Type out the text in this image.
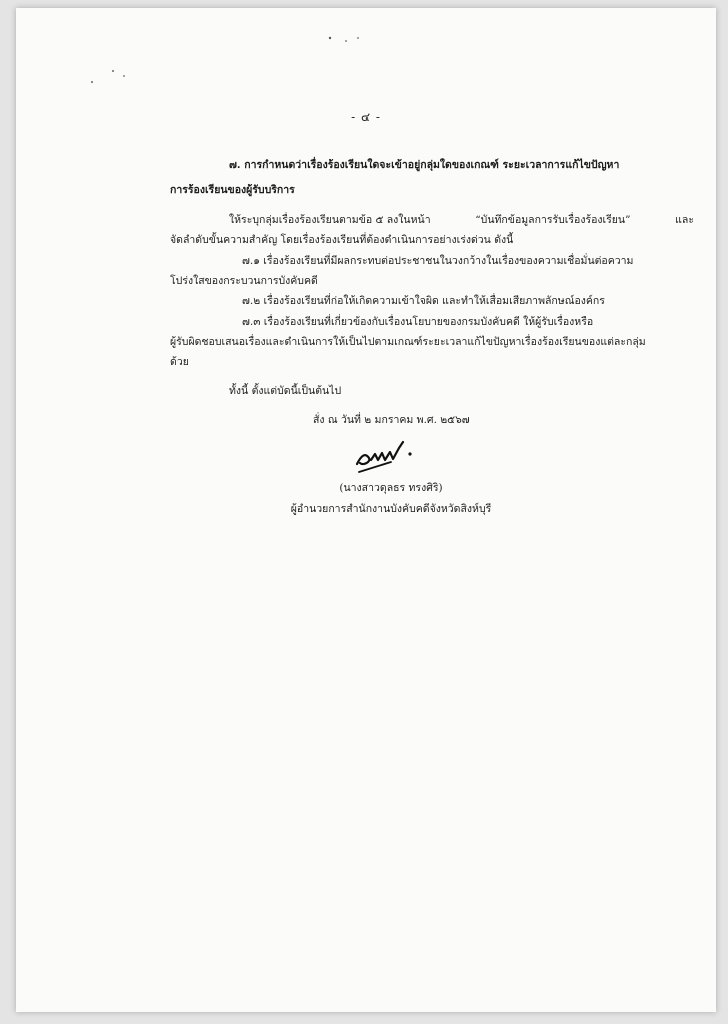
- ๔ -
๗. การกำหนดว่าเรื่องร้องเรียนใดจะเข้าอยู่กลุ่มใดของเกณฑ์ ระยะเวลาการแก้ไขปัญหา
การร้องเรียนของผู้รับบริการ
ให้ระบุกลุ่มเรื่องร้องเรียนตามข้อ ๕ ลงในหน้า	“บันทึกข้อมูลการรับเรื่องร้องเรียน”	และ
จัดลำดับขั้นความสำคัญ โดยเรื่องร้องเรียนที่ต้องดำเนินการอย่างเร่งด่วน ดังนี้
๗.๑ เรื่องร้องเรียนที่มีผลกระทบต่อประชาชนในวงกว้างในเรื่องของความเชื่อมั่นต่อความ
โปร่งใสของกระบวนการบังคับคดี
๗.๒ เรื่องร้องเรียนที่ก่อให้เกิดความเข้าใจผิด และทำให้เสื่อมเสียภาพลักษณ์องค์กร
๗.๓ เรื่องร้องเรียนที่เกี่ยวข้องกับเรื่องนโยบายของกรมบังคับคดี ให้ผู้รับเรื่องหรือ
ผู้รับผิดชอบเสนอเรื่องและดำเนินการให้เป็นไปตามเกณฑ์ระยะเวลาแก้ไขปัญหาเรื่องร้องเรียนของแต่ละกลุ่ม
ด้วย
ทั้งนี้ ตั้งแต่บัดนี้เป็นต้นไป
สั่ง ณ วันที่ ๒ มกราคม พ.ศ. ๒๕๖๗
(นางสาวดุลธร ทรงศิริ)
ผู้อำนวยการสำนักงานบังคับคดีจังหวัดสิงห์บุรี
